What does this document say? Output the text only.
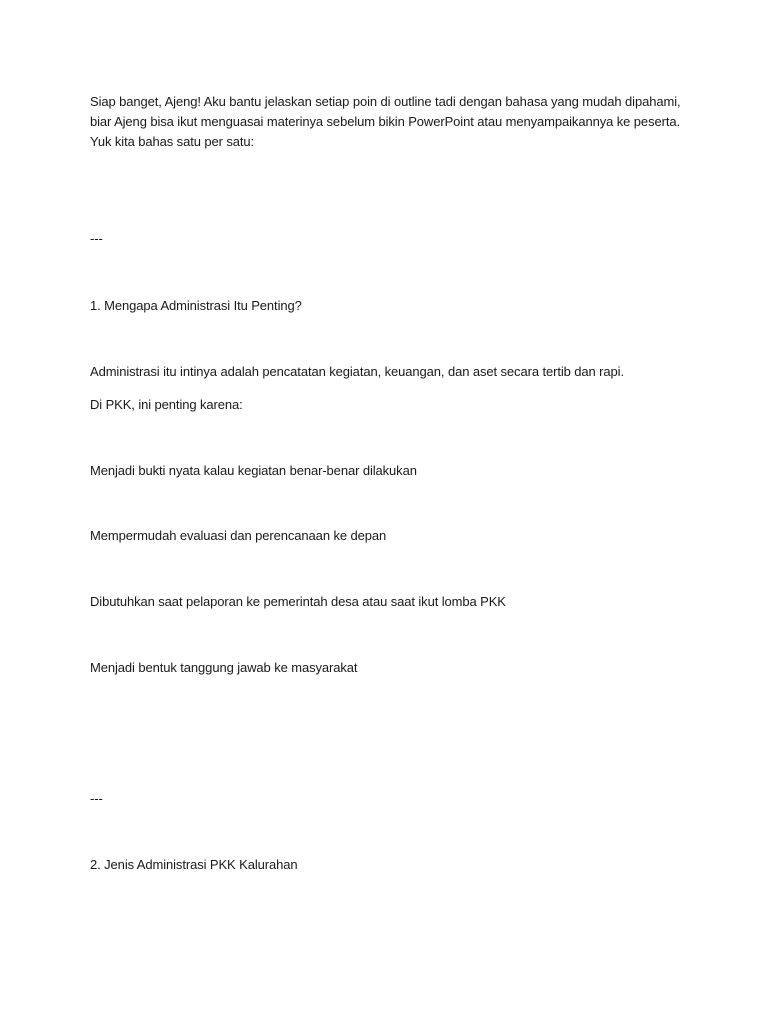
Siap banget, Ajeng! Aku bantu jelaskan setiap poin di outline tadi dengan bahasa yang mudah dipahami,
biar Ajeng bisa ikut menguasai materinya sebelum bikin PowerPoint atau menyampaikannya ke peserta.
Yuk kita bahas satu per satu:
---
1. Mengapa Administrasi Itu Penting?
Administrasi itu intinya adalah pencatatan kegiatan, keuangan, dan aset secara tertib dan rapi.
Di PKK, ini penting karena:
Menjadi bukti nyata kalau kegiatan benar-benar dilakukan
Mempermudah evaluasi dan perencanaan ke depan
Dibutuhkan saat pelaporan ke pemerintah desa atau saat ikut lomba PKK
Menjadi bentuk tanggung jawab ke masyarakat
---
2. Jenis Administrasi PKK Kalurahan
